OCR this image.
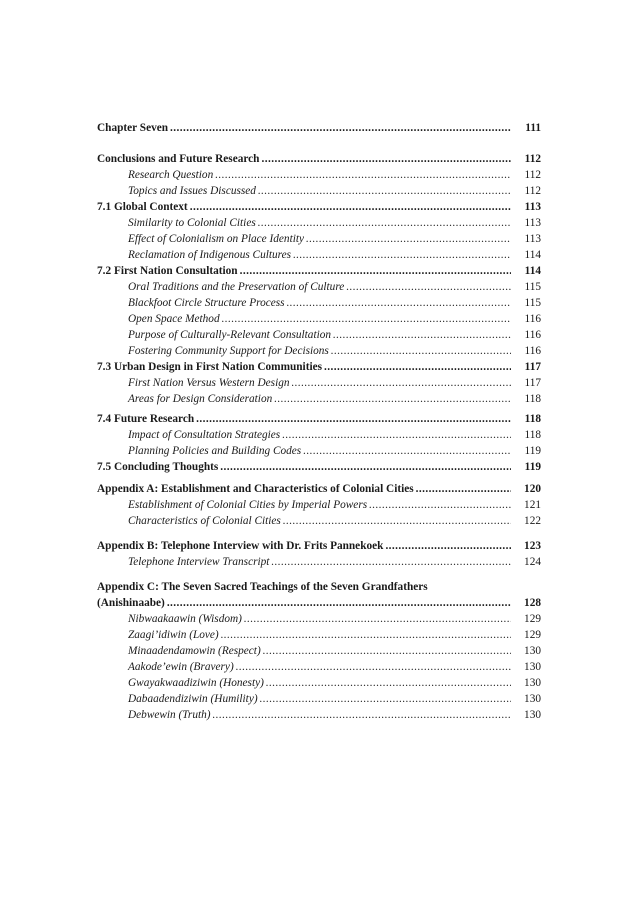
Chapter Seven . . .	111
Conclusions and Future Research . . .	112
Research Question . . .	112
Topics and Issues Discussed . . .	112
7.1 Global Context . . .	113
Similarity to Colonial Cities . . .	113
Effect of Colonialism on Place Identity . . .	113
Reclamation of Indigenous Cultures . . .	114
7.2 First Nation Consultation . . .	114
Oral Traditions and the Preservation of Culture . . .	115
Blackfoot Circle Structure Process . . .	115
Open Space Method . . .	116
Purpose of Culturally-Relevant Consultation . . .	116
Fostering Community Support for Decisions . . .	116
7.3 Urban Design in First Nation Communities . . .	117
First Nation Versus Western Design . . .	117
Areas for Design Consideration . . .	118
7.4 Future Research . . .	118
Impact of Consultation Strategies . . .	118
Planning Policies and Building Codes . . .	119
7.5 Concluding Thoughts . . .	119
Appendix A: Establishment and Characteristics of Colonial Cities . . .	120
Establishment of Colonial Cities by Imperial Powers . . .	121
Characteristics of Colonial Cities . . .	122
Appendix B: Telephone Interview with Dr. Frits Pannekoek . . .	123
Telephone Interview Transcript . . .	124
Appendix C: The Seven Sacred Teachings of the Seven Grandfathers
(Anishinaabe) . . .	128
Nibwaakaawin (Wisdom) . . .	129
Zaagi’idiwin (Love) . . .	129
Minaadendamowin (Respect) . . .	130
Aakode’ewin (Bravery) . . .	130
Gwayakwaadiziwin (Honesty) . . .	130
Dabaadendiziwin (Humility) . . .	130
Debwewin (Truth) . . .	130
